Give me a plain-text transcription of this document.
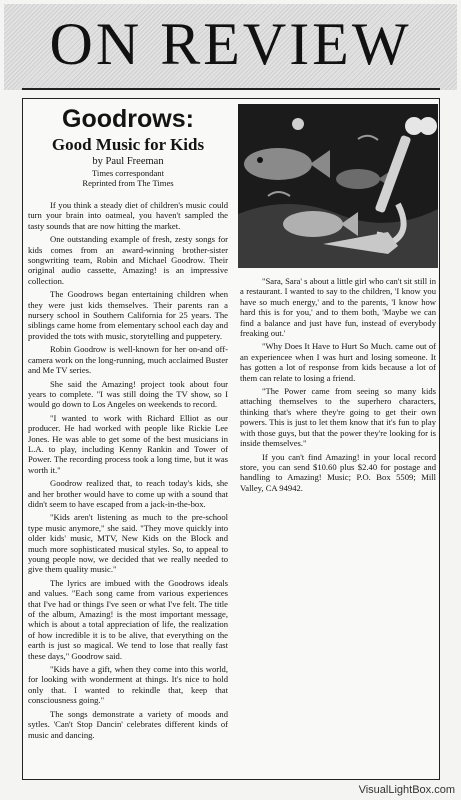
ON REVIEW
Goodrows:
Good Music for Kids
by Paul Freeman
Times correspondant
Reprinted from The Times

If you think a steady diet of children's music could turn your brain into oatmeal, you haven't sampled the tasty sounds that are now hitting the market.

One outstanding example of fresh, zesty songs for kids comes from an award-winning brother-sister songwriting team, Robin and Michael Goodrow. Their original audio cassette, Amazing! is an impressive collection.

The Goodrows began entertaining children when they were just kids themselves. Their parents ran a nursery school in Southern California for 25 years. The siblings came home from elementary school each day and provided the tots with music, storytelling and puppetery.

Robin Goodrow is well-known for her on-and off-camera work on the long-running, much acclaimed Buster and Me TV series.

She said the Amazing! project took about four years to complete. "I was still doing the TV show, so I would go down to Los Angeles on weekends to record.

"I wanted to work with Richard Elliot as our producer. He had worked with people like Rickie Lee Jones. He was able to get some of the best musicians in L.A. to play, including Kenny Rankin and Tower of Power. The recording process took a long time, but it was worth it."

Goodrow realized that, to reach today's kids, she and her brother would have to come up with a sound that didn't seem to have escaped from a jack-in-the-box.

"Kids aren't listening as much to the pre-school type music anymore," she said. "They move quickly into older kids' music, MTV, New Kids on the Block and much more sophisticated musical styles. So, to appeal to young people now, we decided that we really needed to give them quality music."

The lyrics are imbued with the Goodrows ideals and values. "Each song came from various experiences that I've had or things I've seen or what I've felt. The title of the album, Amazing! is the most important message, which is about a total appreciation of life, the realization of how incredible it is to be alive, that everything on the earth is just so magical. We tend to lose that really fast these days," Goodrow said.

"Kids have a gift, when they come into this world, for looking with wonderment at things. It's nice to hold only that. I wanted to rekindle that, keep that consciousness going."

The songs demonstrate a variety of moods and sytles. 'Can't Stop Dancin' celebrates different kinds of music and dancing.

"Sara, Sara' s about a little girl who can't sit still in a restaurant. I wanted to say to the children, 'I know you have so much energy,' and to the parents, 'I know how hard this is for you,' and to them both, 'Maybe we can find a balance and just have fun, instead of everybody freaking out.'

"Why Does It Have to Hurt So Much. came out of an experiencee when I was hurt and losing someone. It has gotten a lot of response from kids because a lot of them can relate to losing a friend.

"The Power came from seeing so many kids attaching themselves to the superhero characters, thinking that's where they're going to get their own powers. This is just to let them know that it's fun to play with those guys, but that the power they're looking for is inside themselves."

If you can't find Amazing! in your local record store, you can send $10.60 plus $2.40 for postage and handling to Amazing! Music; P.O. Box 5509; Mill Valley, CA 94942.

VisualLightBox.com
